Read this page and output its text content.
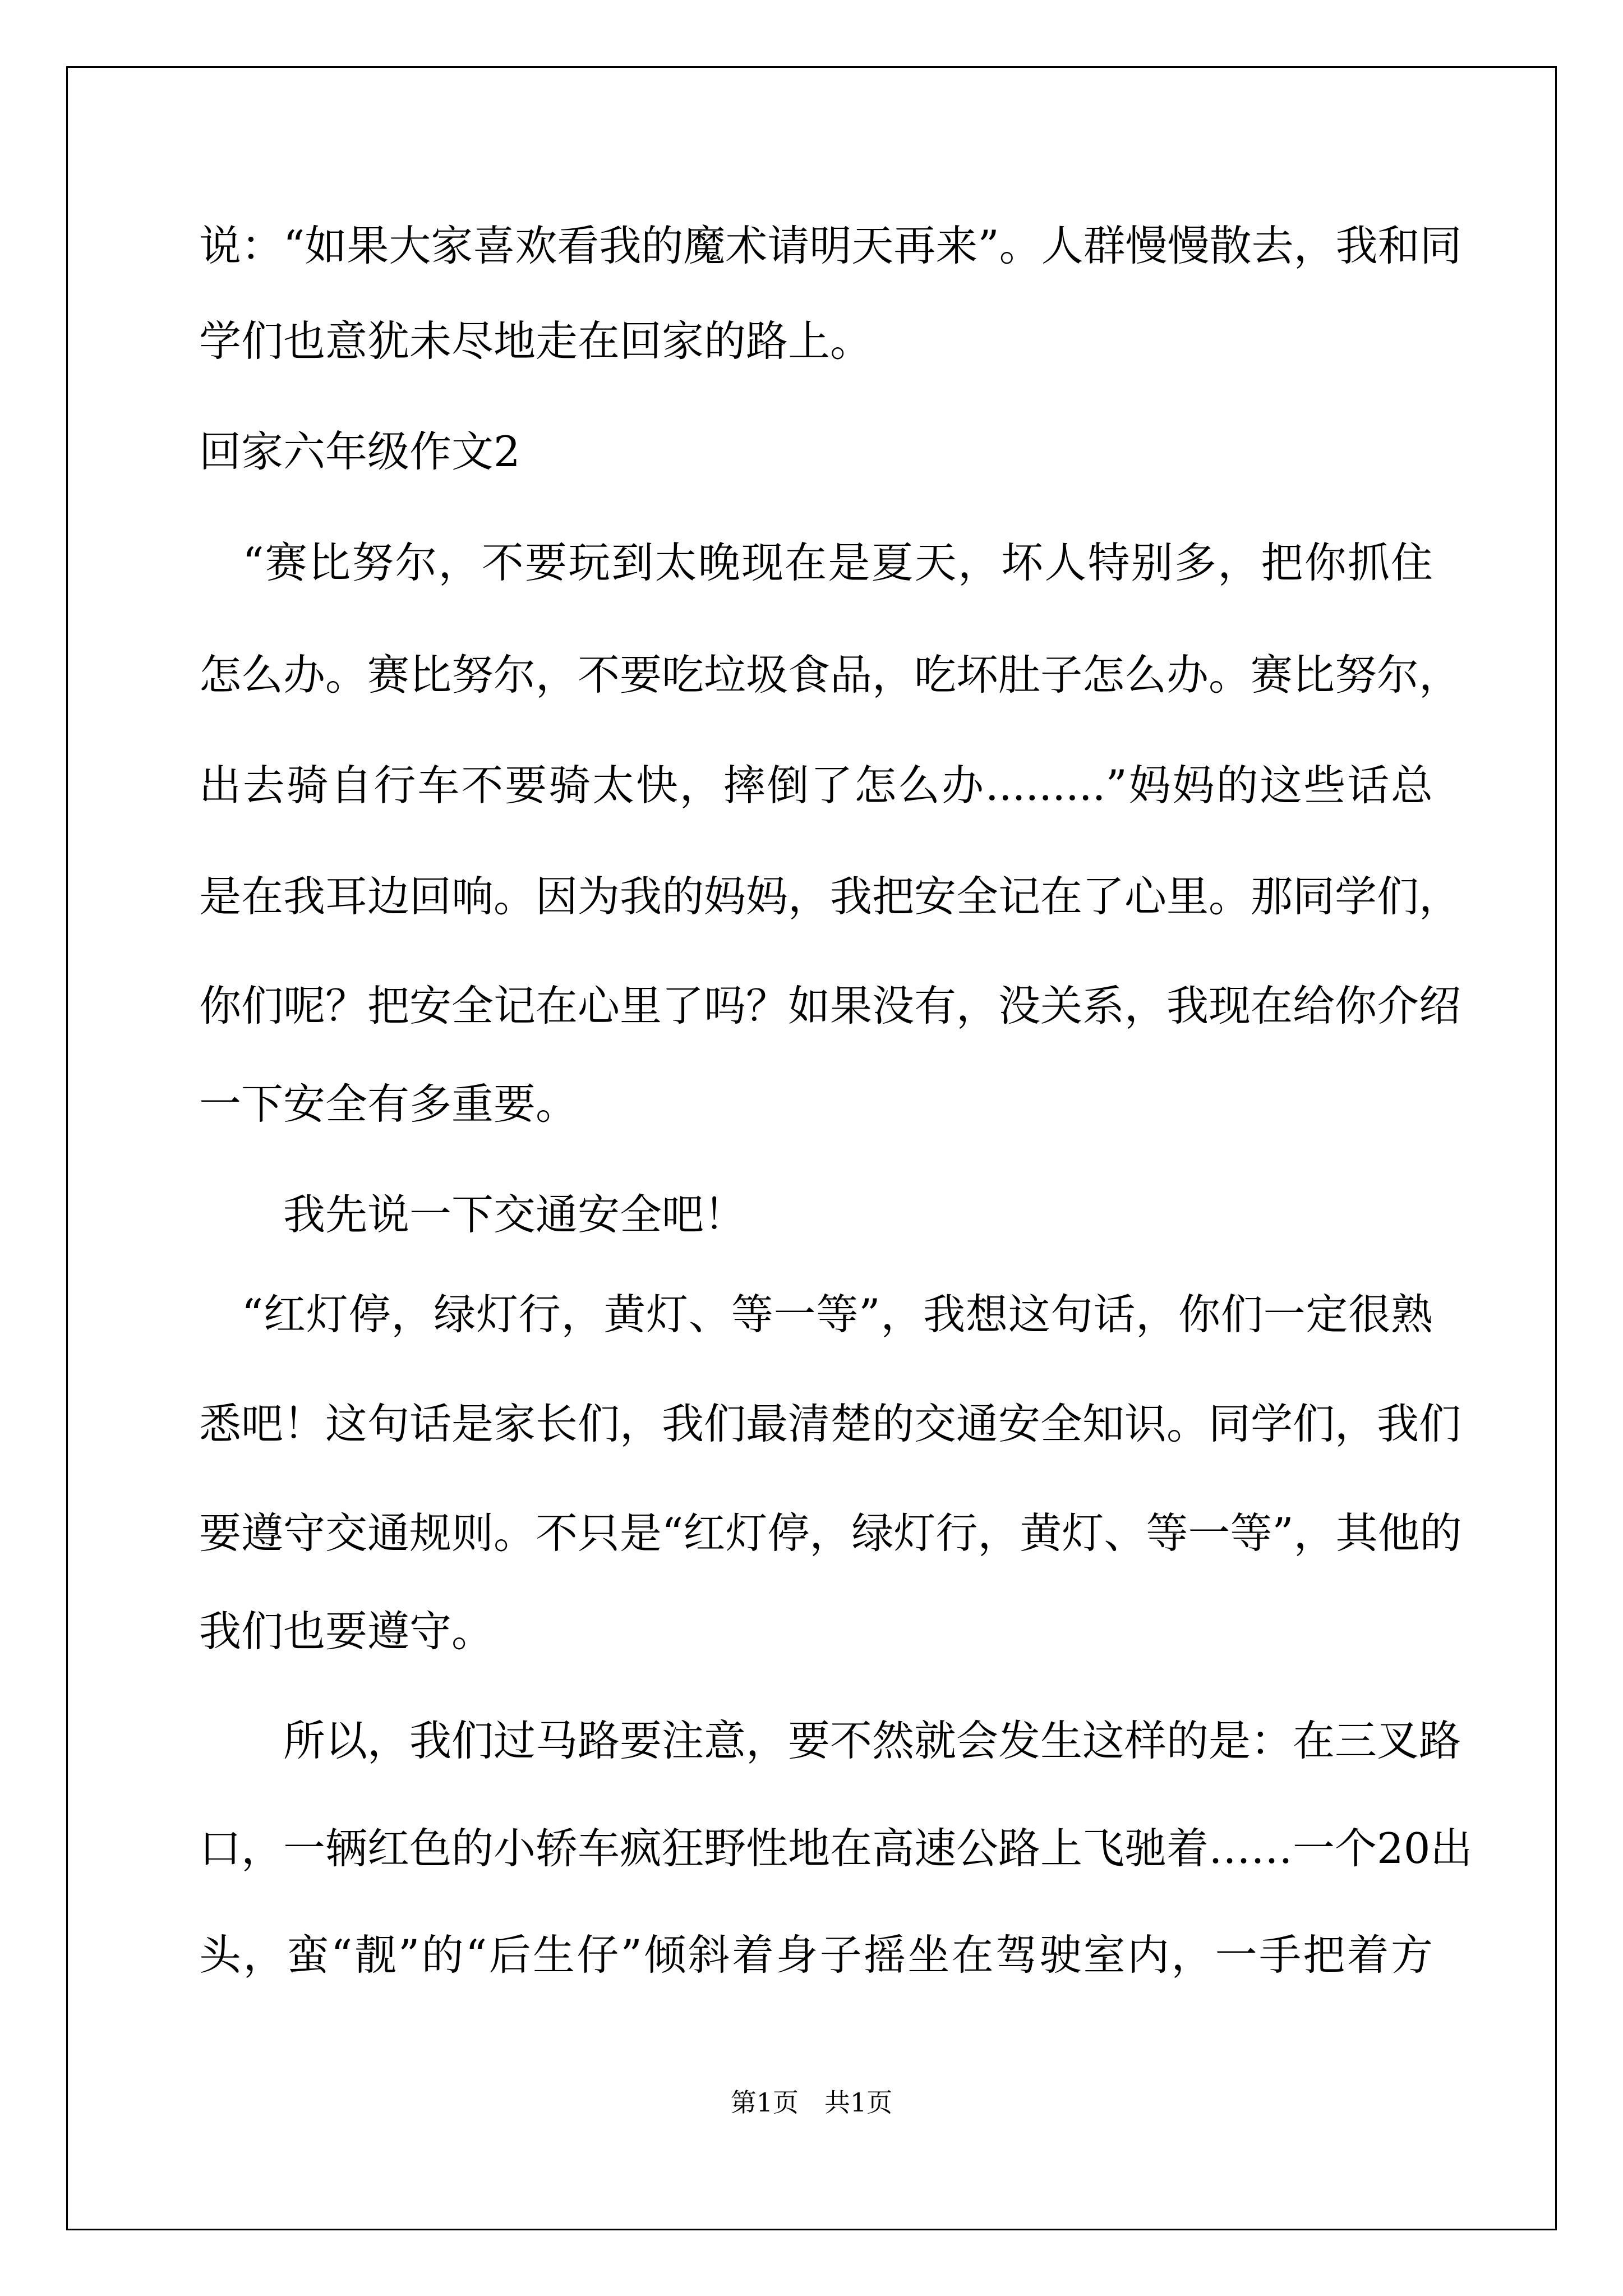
说：“如果大家喜欢看我的魔术请明天再来”。人群慢慢散去，我和同
学们也意犹未尽地走在回家的路上。
回家六年级作文2
　“赛比努尔，不要玩到太晚现在是夏天，坏人特别多，把你抓住
怎么办。赛比努尔，不要吃垃圾食品，吃坏肚子怎么办。赛比努尔，
出去骑自行车不要骑太快，摔倒了怎么办.........”妈妈的这些话总
是在我耳边回响。因为我的妈妈，我把安全记在了心里。那同学们，
你们呢？把安全记在心里了吗？如果没有，没关系，我现在给你介绍
一下安全有多重要。
　　我先说一下交通安全吧！
　“红灯停，绿灯行，黄灯、等一等”，我想这句话，你们一定很熟
悉吧！这句话是家长们，我们最清楚的交通安全知识。同学们，我们
要遵守交通规则。不只是“红灯停，绿灯行，黄灯、等一等”，其他的
我们也要遵守。
　　所以，我们过马路要注意，要不然就会发生这样的是：在三叉路
口，一辆红色的小轿车疯狂野性地在高速公路上飞驰着……一个20出
头，蛮“靓”的“后生仔”倾斜着身子摇坐在驾驶室内，一手把着方
第1页　共1页
